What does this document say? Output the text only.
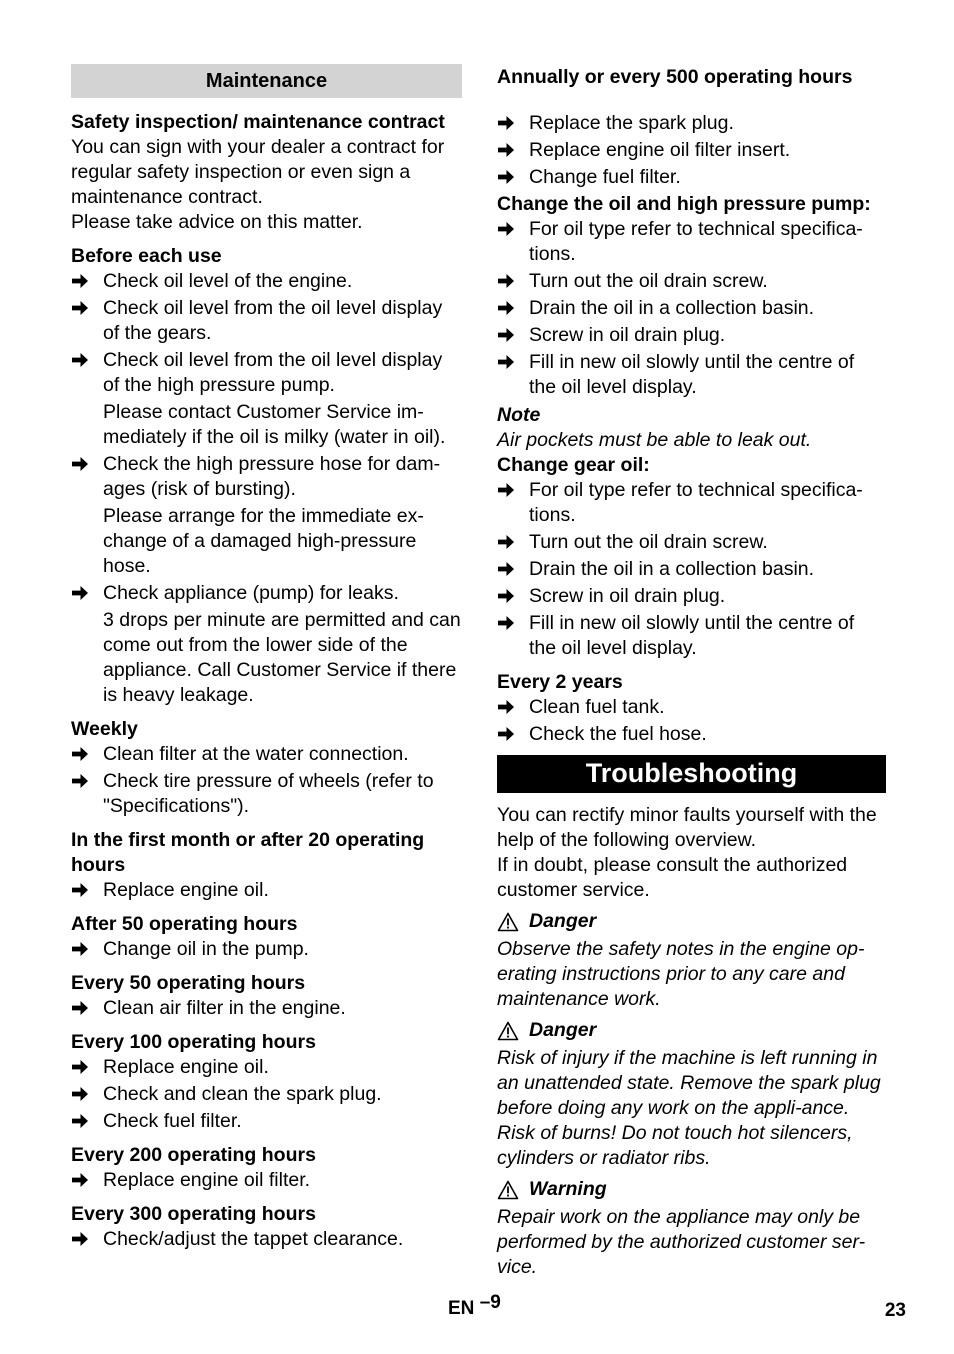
Maintenance
Safety inspection/ maintenance contract

You can sign with your dealer a contract for regular safety inspection or even sign a maintenance contract.

Please take advice on this matter.

Before each use
Check oil level of the engine.
Check oil level from the oil level display of the gears.
Check oil level from the oil level display of the high pressure pump.

Please contact Customer Service im-mediately if the oil is milky (water in oil).

Check the high pressure hose for dam-ages (risk of bursting).

Please arrange for the immediate ex-change of a damaged high-pressure hose.

Check appliance (pump) for leaks.

3 drops per minute are permitted and can come out from the lower side of the appliance. Call Customer Service if there is heavy leakage.

Weekly
Clean filter at the water connection.
Check tire pressure of wheels (refer to "Specifications").
In the first month or after 20 operating hours
Replace engine oil.
After 50 operating hours
Change oil in the pump.
Every 50 operating hours
Clean air filter in the engine.
Every 100 operating hours
Replace engine oil.
Check and clean the spark plug.
Check fuel filter.
Every 200 operating hours
Replace engine oil filter.
Every 300 operating hours
Check/adjust the tappet clearance.
Annually or every 500 operating hours
Replace the spark plug.
Replace engine oil filter insert.
Change fuel filter.
Change the oil and high pressure pump:
For oil type refer to technical specifica-tions.
Turn out the oil drain screw.
Drain the oil in a collection basin.
Screw in oil drain plug.
Fill in new oil slowly until the centre of the oil level display.

Note

Air pockets must be able to leak out.

Change gear oil:
For oil type refer to technical specifica-tions.
Turn out the oil drain screw.
Drain the oil in a collection basin.
Screw in oil drain plug.
Fill in new oil slowly until the centre of the oil level display.
Every 2 years
Clean fuel tank.
Check the fuel hose.
Troubleshooting

You can rectify minor faults yourself with the help of the following overview.

If in doubt, please consult the authorized customer service.

Danger

Observe the safety notes in the engine op-erating instructions prior to any care and maintenance work.

Danger

Risk of injury if the machine is left running in an unattended state. Remove the spark plug before doing any work on the appli-ance.

Risk of burns! Do not touch hot silencers, cylinders or radiator ribs.

Warning

Repair work on the appliance may only be performed by the authorized customer ser-vice.

EN –9	23
